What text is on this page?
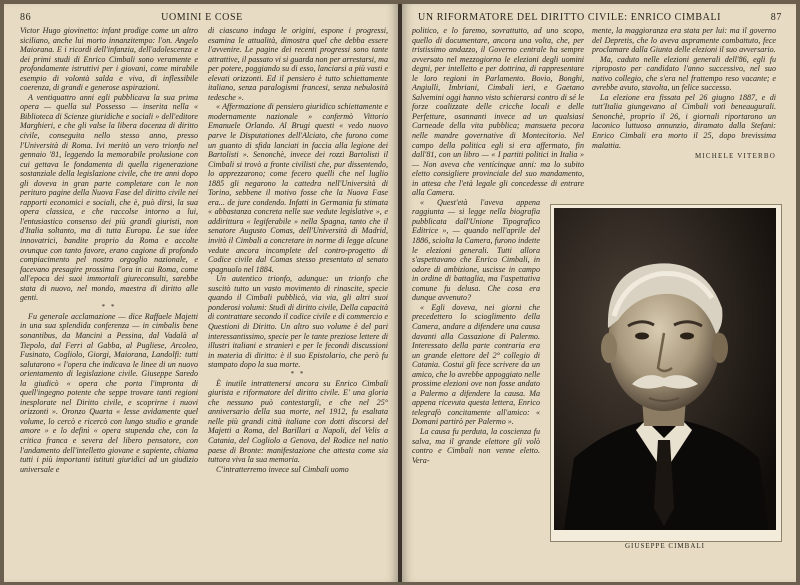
86	UOMINI E COSE

Victor Hugo giovinetto: infant prodige come un altro siciliano, anche lui morto innanzitempo: l'on. Angelo Maiorana. E i ricordi dell'infanzia, dell'adolescenza e dei primi studi di Enrico Cimbali sono veramente e profondamente istruttivi per i giovani, come mirabile esempio di volontà salda e viva, di inflessibile coerenza, di grandi e generose aspirazioni.

A ventiquattro anni egli pubblicava la sua prima opera — quella sul Possesso — inserita nella « Biblioteca di Scienze giuridiche e sociali » dell'editore Marghieri, e che gli valse la libera docenza di diritto civile, conseguita nello stesso anno, presso l'Università di Roma. Ivi meritò un vero trionfo nel gennaio '81, leggendo la memorabile prolusione con cui gettava le fondamenta di quella rigenerazione sostanziale della legislazione civile, che tre anni dopo gli doveva in gran parte completare con le non perituro pagine della Nuova Fase del diritto civile nei rapporti economici e sociali, che è, può dirsi, la sua opera classica, e che raccolse intorno a lui, l'entusiastico consenso dei più grandi giuristi, non d'Italia soltanto, ma di tutta Europa. Le sue idee innovatrici, bandite proprio da Roma e accolte ovunque con tanto favore, erano cagione di profondo compiacimento pel nostro orgoglio nazionale, e facevano presagire prossima l'ora in cui Roma, come all'epoca dei suoi immortali giureconsulti, sarebbe stata di nuovo, nel mondo, maestra di diritto alle genti.

* *

Fu generale acclamazione — dice Raffaele Majetti in una sua splendida conferenza — in cimbalis bene sonantibus, da Mancini a Pessina, dal Vadalà al Tiepolo, dal Ferri al Gabba, al Pugliese, Arcoleo, Fusinato, Cogliolo, Giorgi, Maiorana, Landolfi: tutti salutarono « l'opera che indicava le linee di un nuovo orientamento di legislazione civile. Giuseppe Saredo la giudicò « opera che porta l'impronta di quell'ingegno potente che seppe trovare tanti regioni inesplorate nel Diritto civile, e scoprirne i nuovi orizzonti ». Oronzo Quarta « lesse avidamente quel volume, lo cercò e ricercò con lungo studio e grande amore » e lo definì « opera stupenda che, con la critica franca e severa del libero pensatore, con l'andamento dell'intelletto giovane e sapiente, chiama tutti i più importanti istituti giuridici ad un giudizio universale e

di ciascuno indaga le origini, espone i progressi, esamina le attualità, dimostra quel che debba essere l'avvenire. Le pagine dei recenti progressi sono tante attrattive, il passato vi si guarda non per arrestarsi, ma per potere, poggiando su di esso, lanciarsi a più vasti e elevati orizzonti. Ed il pensiero è tutto schiettamente italiano, senza paralogismi francesi, senza nebulosità tedesche ».

« Affermazione di pensiero giuridico schiettamente e modernamente nazionale » confermò Vittorio Emanuele Orlando. Al Brugi questi « vedo nuovo parve le Disputationes dell'Alciato, che furono come un guanto di sfida lanciati in faccia alla legione dei Bartolisti ». Senonchè, invece dei rozzi Bartolisti il Cimbali si trovò a fronte civilisti che, pur dissentendo, lo apprezzarono; come fecero quelli che nel luglio 1885 gli negarono la cattedra nell'Università di Torino, sebbene il motivo fosse che la Nuova Fase era... de jure condendo. Infatti in Germania fu stimata « abbastanza concreta nelle sue vedute legislative », e addirittura « legiferabile » nella Spagna, tanto che il senatore Augusto Comas, dell'Università di Madrid, invitò il Cimbali a concretare in norme di legge alcune vedute ancora incomplete del contro-progetto di Codice civile dal Comas stesso presentato al senato spagnuolo nel 1884.

Un autentico trionfo, adunque: un trionfo che suscitò tutto un vasto movimento di rinascite, specie quando il Cimbali pubblicò, via via, gli altri suoi ponderosi volumi: Studi di diritto civile, Della capacità di contrattare secondo il codice civile e di commercio e Questioni di Diritto. Un altro suo volume è del pari interessantissimo, specie per le tante preziose lettere di illustri italiani e stranieri e per le fecondi discussioni in materia di diritto: è il suo Epistolario, che però fu stampato dopo la sua morte.

* *

È inutile intrattenersi ancora su Enrico Cimbali giurista e riformatore del diritto civile. E' una gloria che nessuno può contestargli, e che nel 25° anniversario della sua morte, nel 1912, fu esaltata nelle più grandi città italiane con dotti discorsi del Majetti a Roma, del Barillari a Napoli, del Velis a Catania, del Cogliolo a Genova, del Rodice nel natio paese di Bronte: manifestazione che attesta come sia tuttora viva la sua memoria.

C'intratterremo invece sul Cimbali uomo

UN RIFORMATORE DEL DIRITTO CIVILE: ENRICO CIMBALI	87

politico, e lo faremo, sovrattutto, ad uno scopo, quello di documentare, ancora una volta, che, per tristissimo andazzo, il Governo centrale ha sempre avversato nel mezzogiorno le elezioni degli uomini degni, per intelletto e per dottrina, di rappresentare le loro regioni in Parlamento. Bovio, Bonghi, Angiulli, Imbriani, Cimbali ieri, e Gaetano Salvemini oggi hanno visto schierarsi contro di sé le forze coalizzate delle cricche locali e delle Perfetture, osannanti invece ad un qualsiasi Carneade della vita pubblica; mansueta pecora nelle mandre governative di Montecitorio. Nel campo della politica egli si era affermato, fin dall'81, con un libro — « I partiti politici in Italia » — Non aveva che ventícinque anni: ma lo subito eletto consigliere provinciale del suo mandamento, in attesa che l'età legale gli concedesse di entrare alla Camera.

« Quest'età l'aveva appena raggiunta — si legge nella biografia pubblicata dall'Unione Tipografico Editrice », — quando nell'aprile del 1886, sciolta la Camera, furono indette le elezioni generali. Tutti allora s'aspettavano che Enrico Cimbali, in odore di ambizione, uscisse in campo in ordine di battaglia, ma l'aspettativa comune fu delusa. Che cosa era dunque avvenuto?

« Egli doveva, nei giorni che precedettero lo scioglimento della Camera, andare a difendere una causa davanti alla Cassazione di Palermo. Interessato della parte contraria era un grande elettore del 2° collegio di Catania. Costui gli fece scrivere da un amico, che lo avrebbe appoggiato nelle prossime elezioni ove non fosse andato a Palermo a difendere la causa. Ma appena ricevuta questa lettera, Enrico telegrafò concitamente all'amico: « Domani partirò per Palermo ».

La causa fu perduta, la coscienza fu salva, ma il grande elettore gli volò contro e Cimbali non venne eletto. Vera-

mente, la maggioranza era stata per lui: ma il governo del Depretis, che lo aveva aspramente combattuto, fece proclamare dalla Giunta delle elezioni il suo avversario.

Ma, caduto nelle elezioni generali dell'86, egli fu riproposto per candidato l'anno successivo, nel suo nativo collegio, che s'era nel frattempo reso vacante; e avrebbe avuto, stavolta, un felice successo.

La elezione era fissata pel 26 giugno 1887, e di tutt'Italia giungevano al Cimbali voti beneaugurali. Senonchè, proprio il 26, i giornali riportarono un laconico luttuoso annunzio, diramato dalla Stefani: Enrico Cimbali era morto il 25, dopo brevissima malattia.

MICHELE VITERBO
GIUSEPPE CIMBALI
